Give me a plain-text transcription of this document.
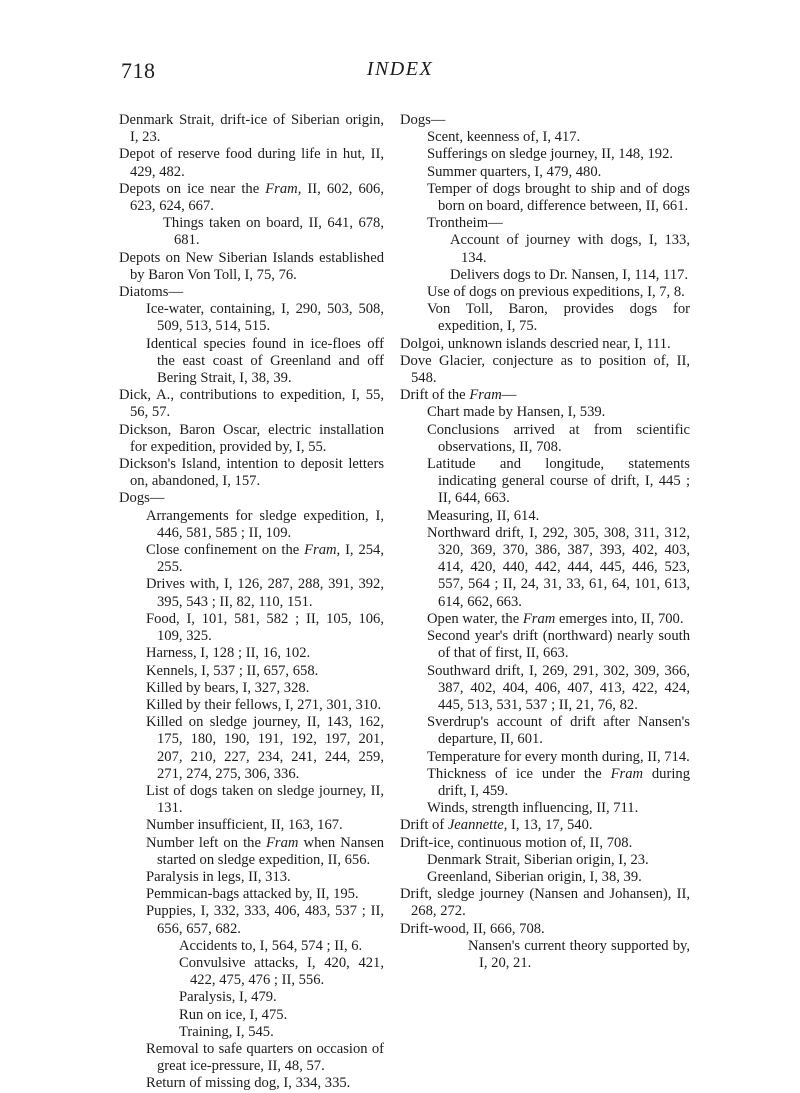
718	INDEX
Denmark Strait, drift-ice of Siberian origin, I, 23.
Depot of reserve food during life in hut, II, 429, 482.
Depots on ice near the Fram, II, 602, 606, 623, 624, 667.
Things taken on board, II, 641, 678, 681.
Depots on New Siberian Islands established by Baron Von Toll, I, 75, 76.
Diatoms—
Ice-water, containing, I, 290, 503, 508, 509, 513, 514, 515.
Identical species found in ice-floes off the east coast of Greenland and off Bering Strait, I, 38, 39.
Dick, A., contributions to expedition, I, 55, 56, 57.
Dickson, Baron Oscar, electric installation for expedition, provided by, I, 55.
Dickson's Island, intention to deposit letters on, abandoned, I, 157.
Dogs—
Arrangements for sledge expedition, I, 446, 581, 585 ; II, 109.
Close confinement on the Fram, I, 254, 255.
Drives with, I, 126, 287, 288, 391, 392, 395, 543 ; II, 82, 110, 151.
Food, I, 101, 581, 582 ; II, 105, 106, 109, 325.
Harness, I, 128 ; II, 16, 102.
Kennels, I, 537 ; II, 657, 658.
Killed by bears, I, 327, 328.
Killed by their fellows, I, 271, 301, 310.
Killed on sledge journey, II, 143, 162, 175, 180, 190, 191, 192, 197, 201, 207, 210, 227, 234, 241, 244, 259, 271, 274, 275, 306, 336.
List of dogs taken on sledge journey, II, 131.
Number insufficient, II, 163, 167.
Number left on the Fram when Nansen started on sledge expedition, II, 656.
Paralysis in legs, II, 313.
Pemmican-bags attacked by, II, 195.
Puppies, I, 332, 333, 406, 483, 537 ; II, 656, 657, 682.
Accidents to, I, 564, 574 ; II, 6.
Convulsive attacks, I, 420, 421, 422, 475, 476 ; II, 556.
Paralysis, I, 479.
Run on ice, I, 475.
Training, I, 545.
Removal to safe quarters on occasion of great ice-pressure, II, 48, 57.
Return of missing dog, I, 334, 335.
Dogs—
Scent, keenness of, I, 417.
Sufferings on sledge journey, II, 148, 192.
Summer quarters, I, 479, 480.
Temper of dogs brought to ship and of dogs born on board, difference between, II, 661.
Trontheim—
Account of journey with dogs, I, 133, 134.
Delivers dogs to Dr. Nansen, I, 114, 117.
Use of dogs on previous expeditions, I, 7, 8.
Von Toll, Baron, provides dogs for expedition, I, 75.
Dolgoi, unknown islands descried near, I, 111.
Dove Glacier, conjecture as to position of, II, 548.
Drift of the Fram—
Chart made by Hansen, I, 539.
Conclusions arrived at from scientific observations, II, 708.
Latitude and longitude, statements indicating general course of drift, I, 445 ; II, 644, 663.
Measuring, II, 614.
Northward drift, I, 292, 305, 308, 311, 312, 320, 369, 370, 386, 387, 393, 402, 403, 414, 420, 440, 442, 444, 445, 446, 523, 557, 564 ; II, 24, 31, 33, 61, 64, 101, 613, 614, 662, 663.
Open water, the Fram emerges into, II, 700.
Second year's drift (northward) nearly south of that of first, II, 663.
Southward drift, I, 269, 291, 302, 309, 366, 387, 402, 404, 406, 407, 413, 422, 424, 445, 513, 531, 537 ; II, 21, 76, 82.
Sverdrup's account of drift after Nansen's departure, II, 601.
Temperature for every month during, II, 714.
Thickness of ice under the Fram during drift, I, 459.
Winds, strength influencing, II, 711.
Drift of Jeannette, I, 13, 17, 540.
Drift-ice, continuous motion of, II, 708.
Denmark Strait, Siberian origin, I, 23.
Greenland, Siberian origin, I, 38, 39.
Drift, sledge journey (Nansen and Johansen), II, 268, 272.
Drift-wood, II, 666, 708.
Nansen's current theory supported by, I, 20, 21.
